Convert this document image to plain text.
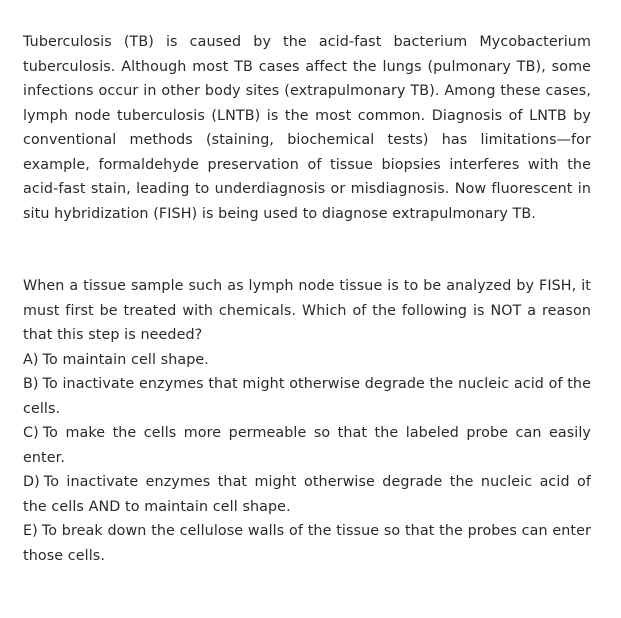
Tuberculosis (TB) is caused by the acid-fast bacterium Mycobacterium tuberculosis. Although most TB cases affect the lungs (pulmonary TB), some infections occur in other body sites (extrapulmonary TB). Among these cases, lymph node tuberculosis (LNTB) is the most common. Diagnosis of LNTB by conventional methods (staining, biochemical tests) has limitations—for example, formaldehyde preservation of tissue biopsies interferes with the acid-fast stain, leading to underdiagnosis or misdiagnosis. Now fluorescent in situ hybridization (FISH) is being used to diagnose extrapulmonary TB.

When a tissue sample such as lymph node tissue is to be analyzed by FISH, it must first be treated with chemicals. Which of the following is NOT a reason that this step is needed?

A) To maintain cell shape.
B) To inactivate enzymes that might otherwise degrade the nucleic acid of the cells.
C) To make the cells more permeable so that the labeled probe can easily enter.
D) To inactivate enzymes that might otherwise degrade the nucleic acid of the cells AND to maintain cell shape.
E) To break down the cellulose walls of the tissue so that the probes can enter those cells.
